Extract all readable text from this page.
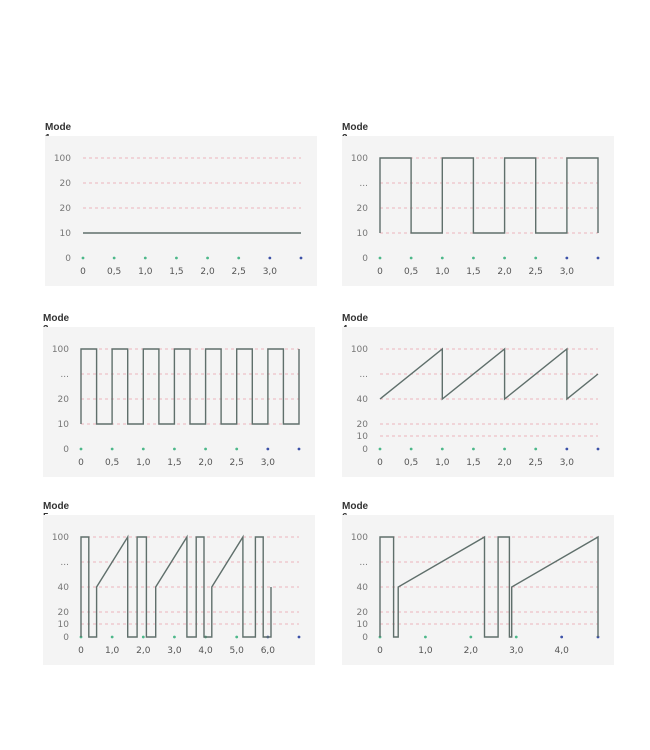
Mode
100
20
20
10
0
0 0,5 1,0 1,5 2,0 2,5 3,0
Mode
100
...
20
10
0
0 0,5 1,0 1,5 2,0 2,5 3,0
Mode
100
...
20
10
0
0 0,5 1,0 1,5 2,0 2,5 3,0
Mode
100
...
40
20
10
0
0 0,5 1,0 1,5 2,0 2,5 3,0
Mode
100
...
40
20
10
0
0 1,0 2,0 3,0 4,0 5,0 6,0
Mode
100
...
40
20
10
0
0	1,0	2,0	3,0	4,0
